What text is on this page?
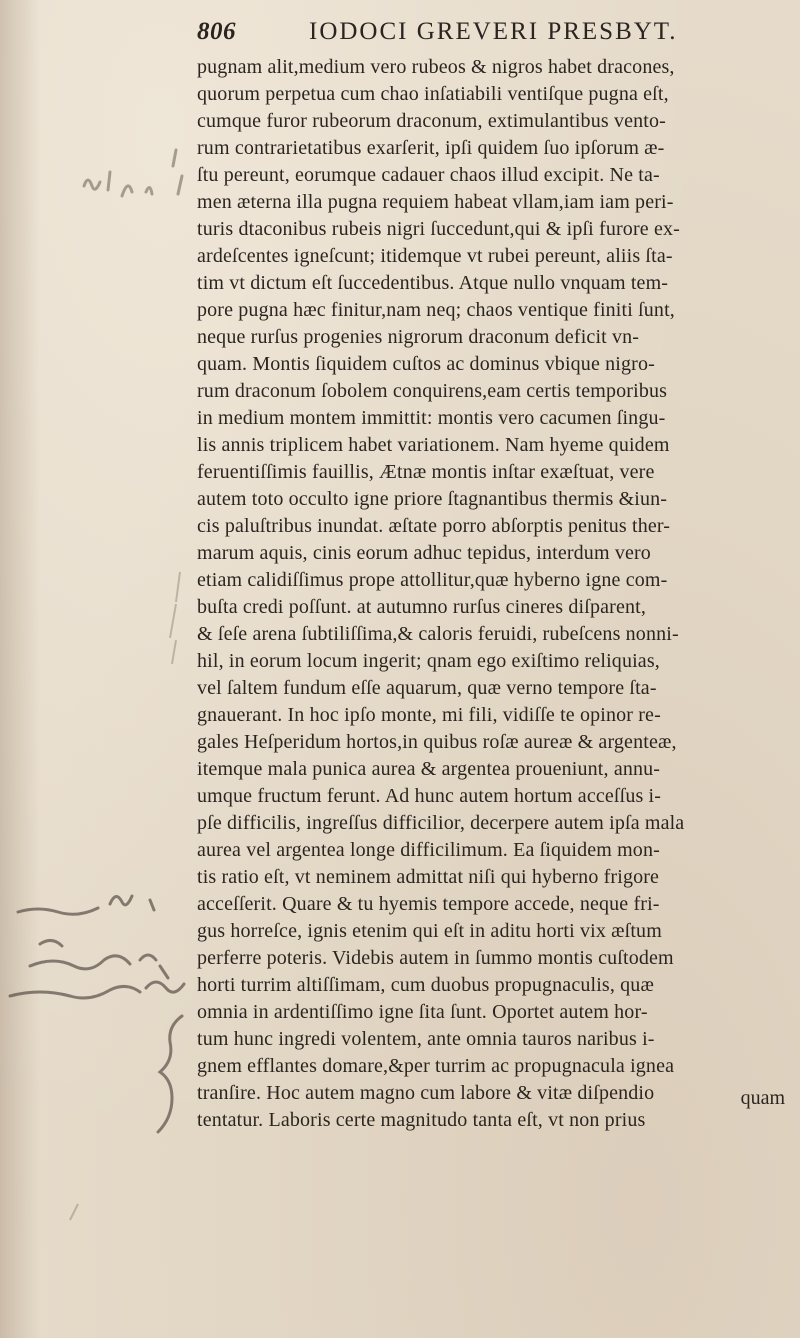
806	IODOCI GREVERI PRESBYT.
pugnam alit,medium vero rubeos & nigros habet dracones,
quorum perpetua cum chao inſatiabili ventiſque pugna eſt,
cumque furor rubeorum draconum, extimulantibus vento-
rum contrarietatibus exarſerit, ipſi quidem ſuo ipſorum æ-
ſtu pereunt, eorumque cadauer chaos illud excipit. Ne ta-
men æterna illa pugna requiem habeat vllam,iam iam peri-
turis dtaconibus rubeis nigri ſuccedunt,qui & ipſi furore ex-
ardeſcentes igneſcunt; itidemque vt rubei pereunt, aliis ſta-
tim vt dictum eſt ſuccedentibus. Atque nullo vnquam tem-
pore pugna hæc finitur,nam neq; chaos ventique finiti ſunt,
neque rurſus progenies nigrorum draconum deficit vn-
quam. Montis ſiquidem cuſtos ac dominus vbique nigro-
rum draconum ſobolem conquirens,eam certis temporibus
in medium montem immittit: montis vero cacumen ſingu-
lis annis triplicem habet variationem. Nam hyeme quidem
feruentiſſimis fauillis, Ætnæ montis inſtar exæſtuat, vere
autem toto occulto igne priore ſtagnantibus thermis &iun-
cis paluſtribus inundat. æſtate porro abſorptis penitus ther-
marum aquis, cinis eorum adhuc tepidus, interdum vero
etiam calidiſſimus prope attollitur,quæ hyberno igne com-
buſta credi poſſunt. at autumno rurſus cineres diſparent,
& ſeſe arena ſubtiliſſima,& caloris feruidi, rubeſcens nonni-
hil, in eorum locum ingerit; qnam ego exiſtimo reliquias,
vel ſaltem fundum eſſe aquarum, quæ verno tempore ſta-
gnauerant. In hoc ipſo monte, mi fili, vidiſſe te opinor re-
gales Heſperidum hortos,in quibus roſæ aureæ & argenteæ,
itemque mala punica aurea & argentea proueniunt, annu-
umque fructum ferunt. Ad hunc autem hortum acceſſus i-
pſe difficilis, ingreſſus difficilior, decerpere autem ipſa mala
aurea vel argentea longe difficilimum. Ea ſiquidem mon-
tis ratio eſt, vt neminem admittat niſi qui hyberno frigore
acceſſerit. Quare & tu hyemis tempore accede, neque fri-
gus horreſce, ignis etenim qui eſt in aditu horti vix æſtum
perferre poteris. Videbis autem in ſummo montis cuſtodem
horti turrim altiſſimam, cum duobus propugnaculis, quæ
omnia in ardentiſſimo igne ſita ſunt. Oportet autem hor-
tum hunc ingredi volentem, ante omnia tauros naribus i-
gnem efflantes domare,&per turrim ac propugnacula ignea
tranſire. Hoc autem magno cum labore & vitæ diſpendio
tentatur. Laboris certe magnitudo tanta eſt, vt non prius
quam
